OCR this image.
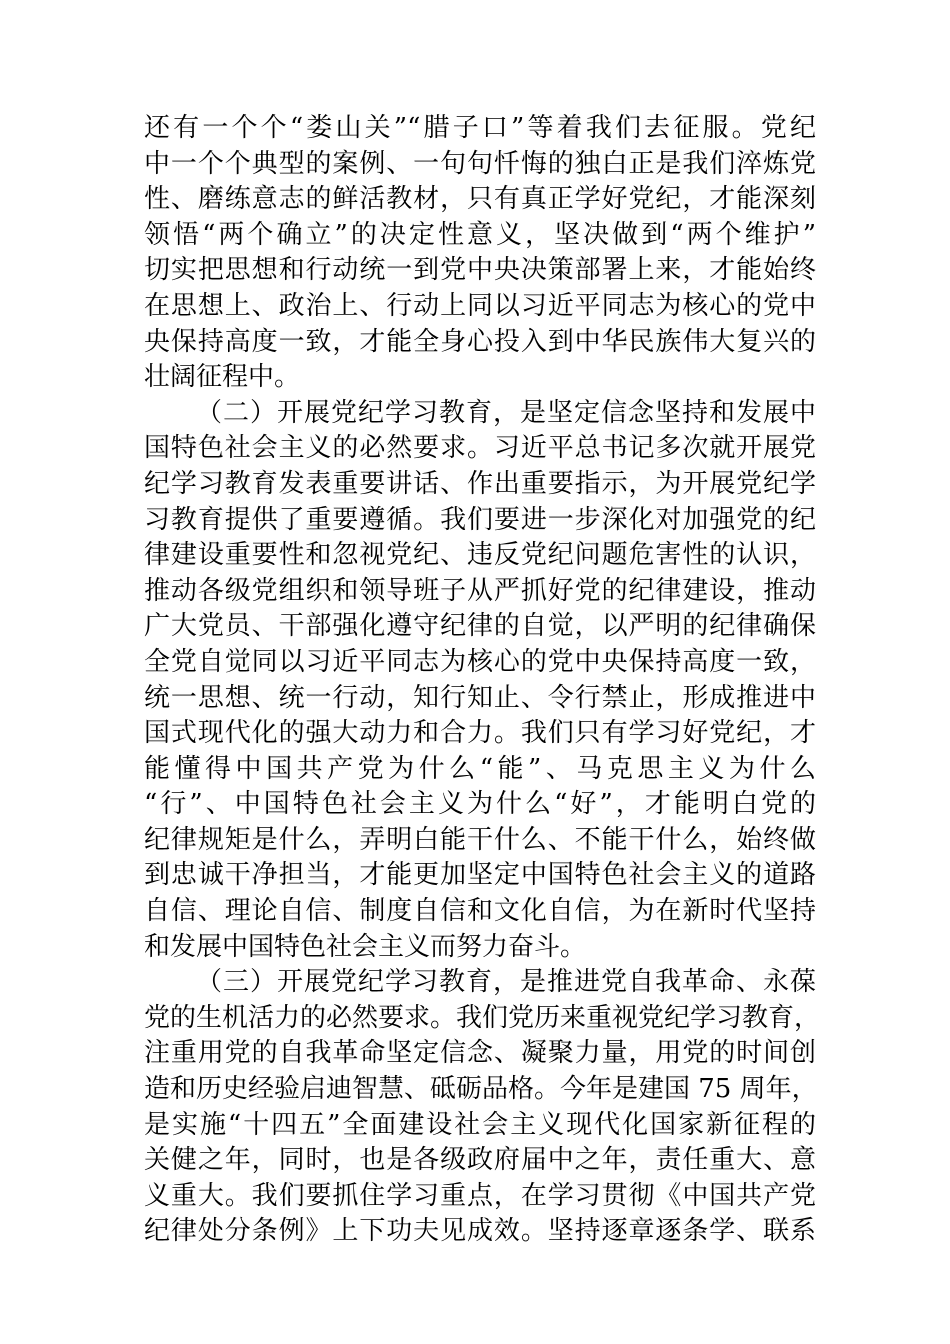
还有一个个“娄山关”“腊子口”等着我们去征服。党纪
中一个个典型的案例、一句句忏悔的独白正是我们淬炼党
性、磨练意志的鲜活教材，只有真正学好党纪，才能深刻
领悟“两个确立”的决定性意义，坚决做到“两个维护”
切实把思想和行动统一到党中央决策部署上来，才能始终
在思想上、政治上、行动上同以习近平同志为核心的党中
央保持高度一致，才能全身心投入到中华民族伟大复兴的
壮阔征程中。
（二）开展党纪学习教育，是坚定信念坚持和发展中
国特色社会主义的必然要求。习近平总书记多次就开展党
纪学习教育发表重要讲话、作出重要指示，为开展党纪学
习教育提供了重要遵循。我们要进一步深化对加强党的纪
律建设重要性和忽视党纪、违反党纪问题危害性的认识，
推动各级党组织和领导班子从严抓好党的纪律建设，推动
广大党员、干部强化遵守纪律的自觉，以严明的纪律确保
全党自觉同以习近平同志为核心的党中央保持高度一致，
统一思想、统一行动，知行知止、令行禁止，形成推进中
国式现代化的强大动力和合力。我们只有学习好党纪，才
能懂得中国共产党为什么“能”、马克思主义为什么
“行”、中国特色社会主义为什么“好”，才能明白党的
纪律规矩是什么，弄明白能干什么、不能干什么，始终做
到忠诚干净担当，才能更加坚定中国特色社会主义的道路
自信、理论自信、制度自信和文化自信，为在新时代坚持
和发展中国特色社会主义而努力奋斗。
（三）开展党纪学习教育，是推进党自我革命、永葆
党的生机活力的必然要求。我们党历来重视党纪学习教育，
注重用党的自我革命坚定信念、凝聚力量，用党的时间创
造和历史经验启迪智慧、砥砺品格。今年是建国 75 周年，
是实施“十四五”全面建设社会主义现代化国家新征程的
关健之年，同时，也是各级政府届中之年，责任重大、意
义重大。我们要抓住学习重点，在学习贯彻《中国共产党
纪律处分条例》上下功夫见成效。坚持逐章逐条学、联系
